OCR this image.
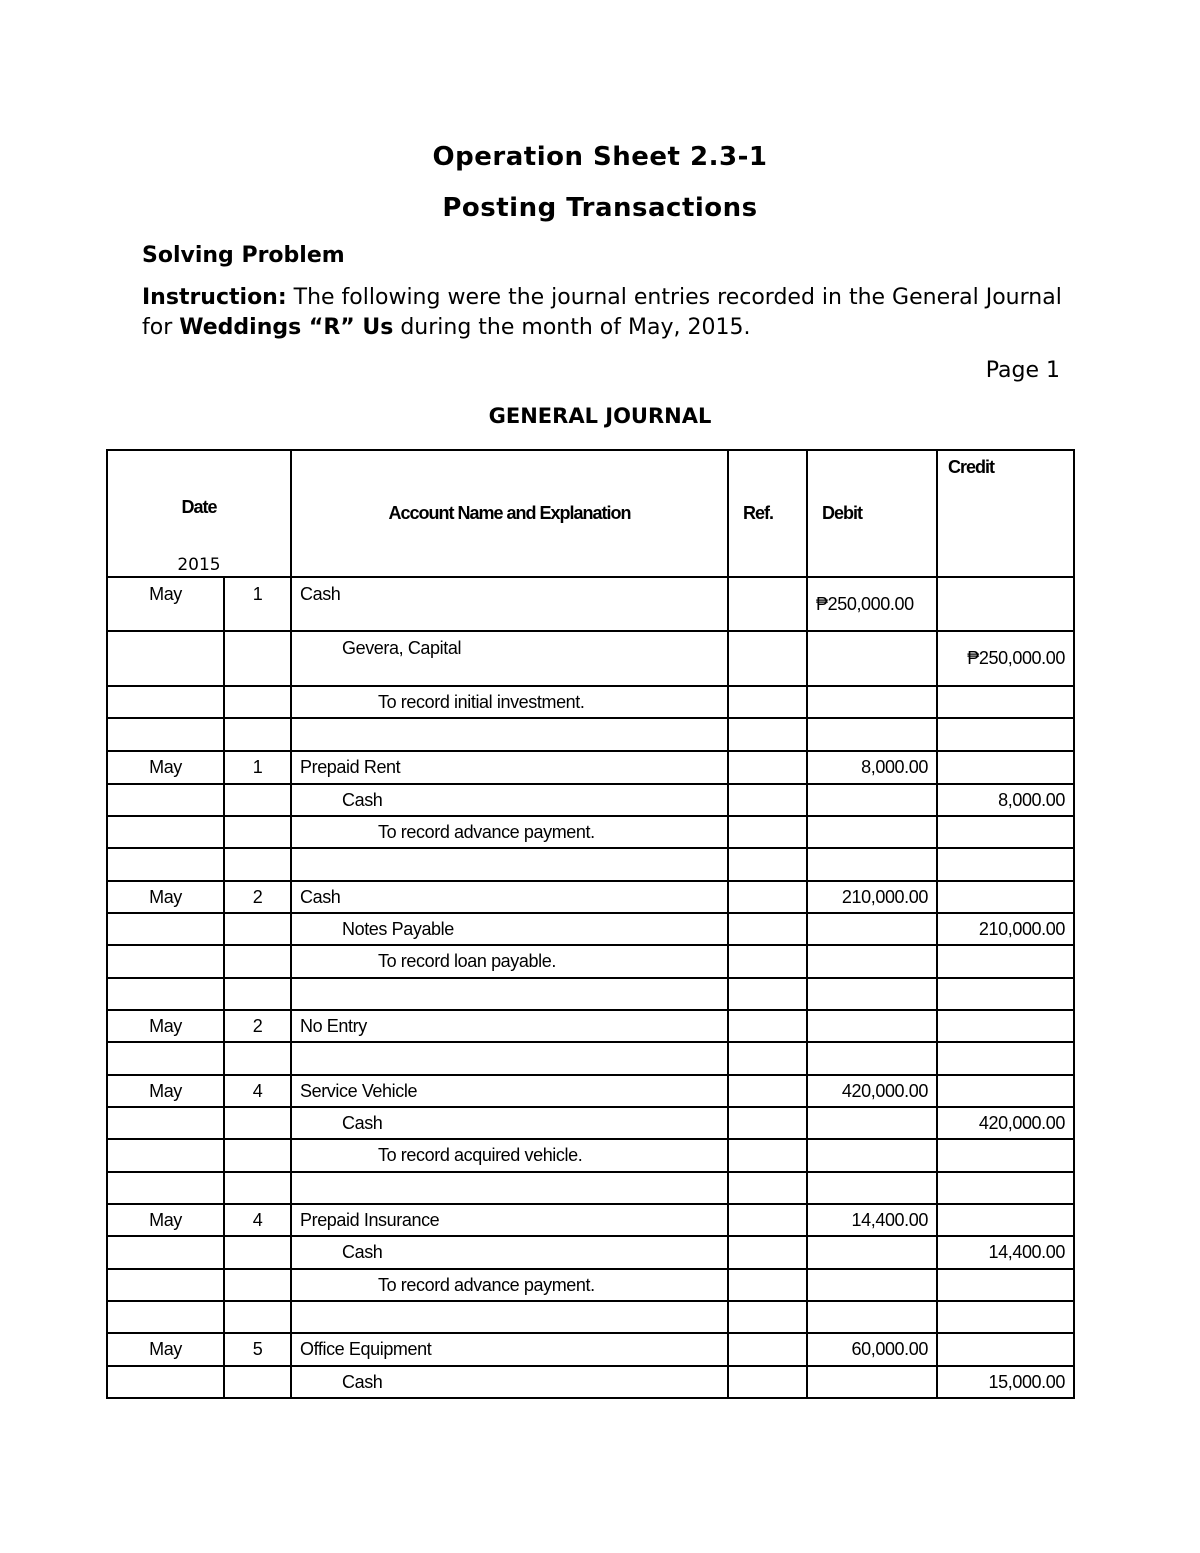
Operation Sheet 2.3-1
Posting Transactions
Solving Problem
Instruction: The following were the journal entries recorded in the General Journal for Weddings “R” Us during the month of May, 2015.
Page 1
GENERAL JOURNAL
Date
2015		Account Name and Explanation	Ref.	Debit	Credit
May	1	Cash		₱250,000.00	
		Gevera, Capital			₱250,000.00
		To record initial investment.			

May	1	Prepaid Rent		8,000.00	
		Cash			8,000.00
		To record advance payment.			

May	2	Cash		210,000.00	
		Notes Payable			210,000.00
		To record loan payable.			

May	2	No Entry			

May	4	Service Vehicle		420,000.00	
		Cash			420,000.00
		To record acquired vehicle.			

May	4	Prepaid Insurance		14,400.00	
		Cash			14,400.00
		To record advance payment.			

May	5	Office Equipment		60,000.00	
		Cash			15,000.00
